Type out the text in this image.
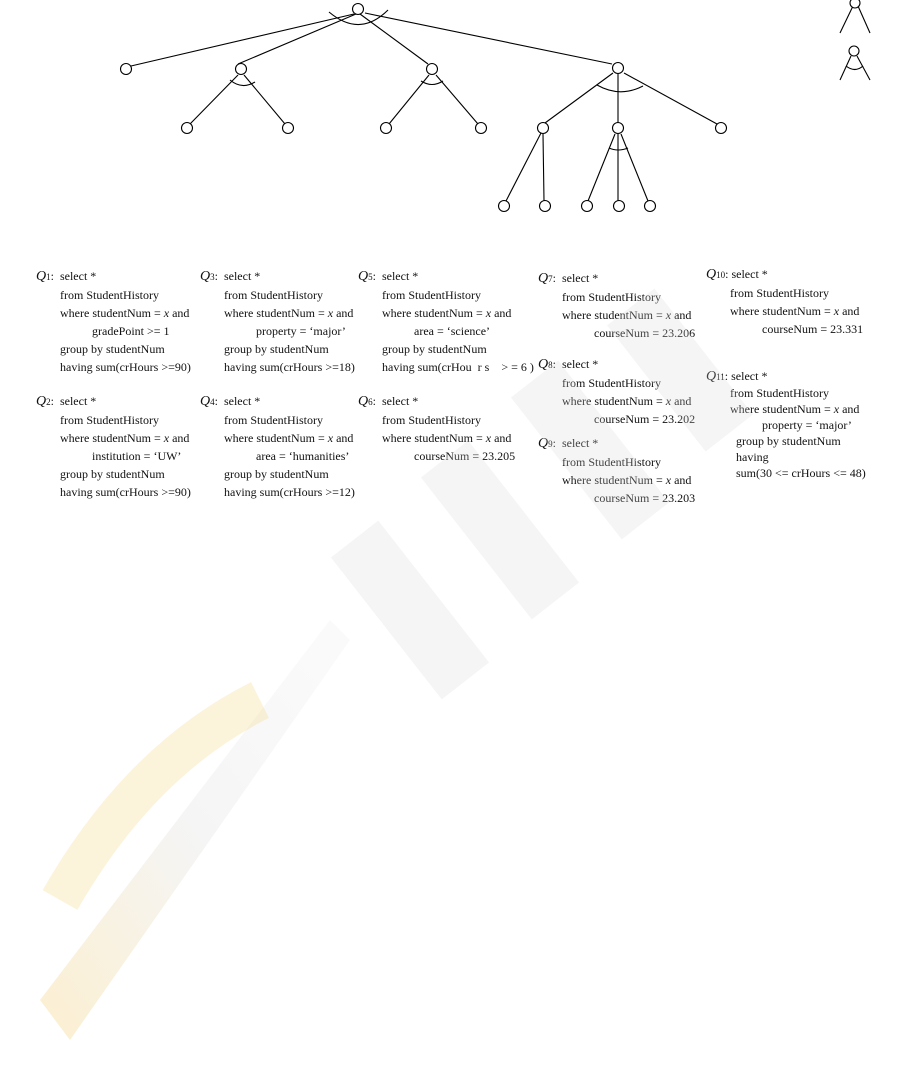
Q1:  select *
from StudentHistory
where studentNum = x and
gradePoint >= 1
group by studentNum
having sum(crHours >=90)
Q2:  select *
from StudentHistory
where studentNum = x and
institution = ‘UW’
group by studentNum
having sum(crHours >=90)
Q3:  select *
from StudentHistory
where studentNum = x and
property = ‘major’
group by studentNum
having sum(crHours >=18)
Q4:  select *
from StudentHistory
where studentNum = x and
area = ‘humanities’
group by studentNum
having sum(crHours >=12)
Q5:  select *
from StudentHistory
where studentNum = x and
area = ‘science’
group by studentNum
having sum(crHou  r s    > = 6 )
Q6:  select *
from StudentHistory
where studentNum = x and
courseNum = 23.205
Q7:  select *
from StudentHistory
where studentNum = x and
courseNum = 23.206
Q8:  select *
from StudentHistory
where studentNum = x and
courseNum = 23.202
Q9:  select *
from StudentHistory
where studentNum = x and
courseNum = 23.203
Q10: select *
from StudentHistory
where studentNum = x and
courseNum = 23.331
Q11: select *
from StudentHistory
where studentNum = x and
property = ‘major’
group by studentNum
having
sum(30 <= crHours <= 48)
